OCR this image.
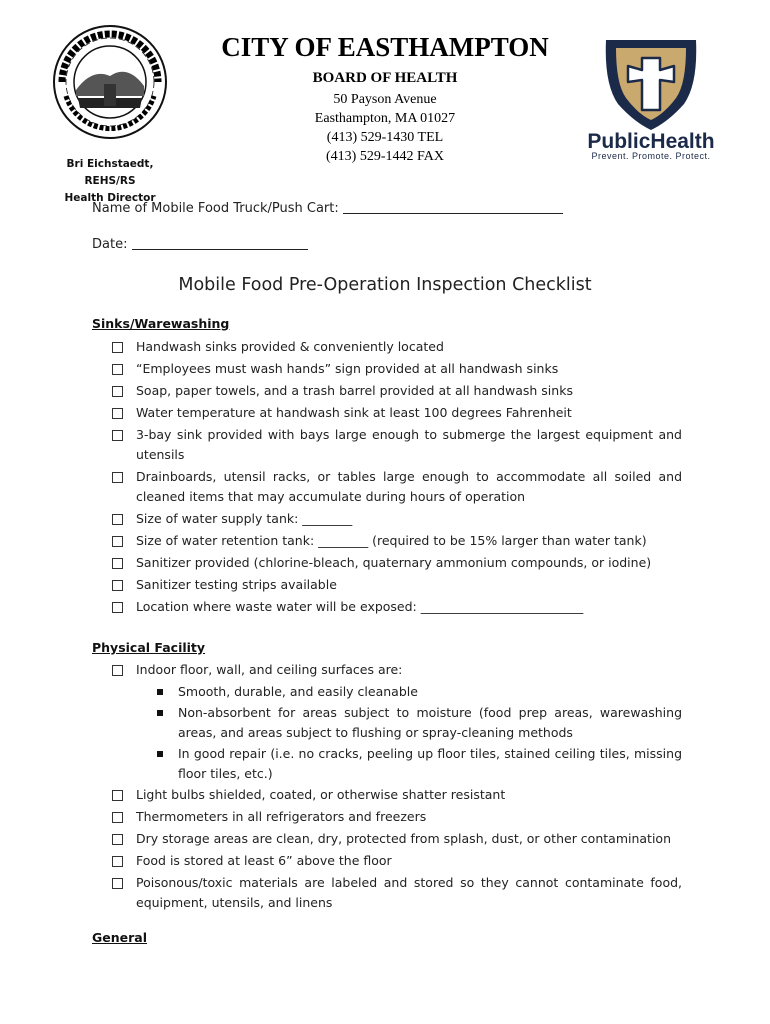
Bri Eichstaedt, REHS/RS
Health Director
CITY OF EASTHAMPTON
BOARD OF HEALTH
50 Payson Avenue
Easthampton, MA 01027
(413) 529-1430 TEL
(413) 529-1442 FAX
PublicHealth
Prevent. Promote. Protect.
Name of Mobile Food Truck/Push Cart:
Date:
Mobile Food Pre-Operation Inspection Checklist
Sinks/Warewashing
Handwash sinks provided & conveniently located
“Employees must wash hands” sign provided at all handwash sinks
Soap, paper towels, and a trash barrel provided at all handwash sinks
Water temperature at handwash sink at least 100 degrees Fahrenheit
3-bay sink provided with bays large enough to submerge the largest equipment and utensils
Drainboards, utensil racks, or tables large enough to accommodate all soiled and cleaned items that may accumulate during hours of operation
Size of water supply tank: ________
Size of water retention tank: ________ (required to be 15% larger than water tank)
Sanitizer provided (chlorine-bleach, quaternary ammonium compounds, or iodine)
Sanitizer testing strips available
Location where waste water will be exposed: __________________________
Physical Facility
Indoor floor, wall, and ceiling surfaces are:
Smooth, durable, and easily cleanable
Non-absorbent for areas subject to moisture (food prep areas, warewashing areas, and areas subject to flushing or spray-cleaning methods
In good repair (i.e. no cracks, peeling up floor tiles, stained ceiling tiles, missing floor tiles, etc.)
Light bulbs shielded, coated, or otherwise shatter resistant
Thermometers in all refrigerators and freezers
Dry storage areas are clean, dry, protected from splash, dust, or other contamination
Food is stored at least 6” above the floor
Poisonous/toxic materials are labeled and stored so they cannot contaminate food, equipment, utensils, and linens
General
